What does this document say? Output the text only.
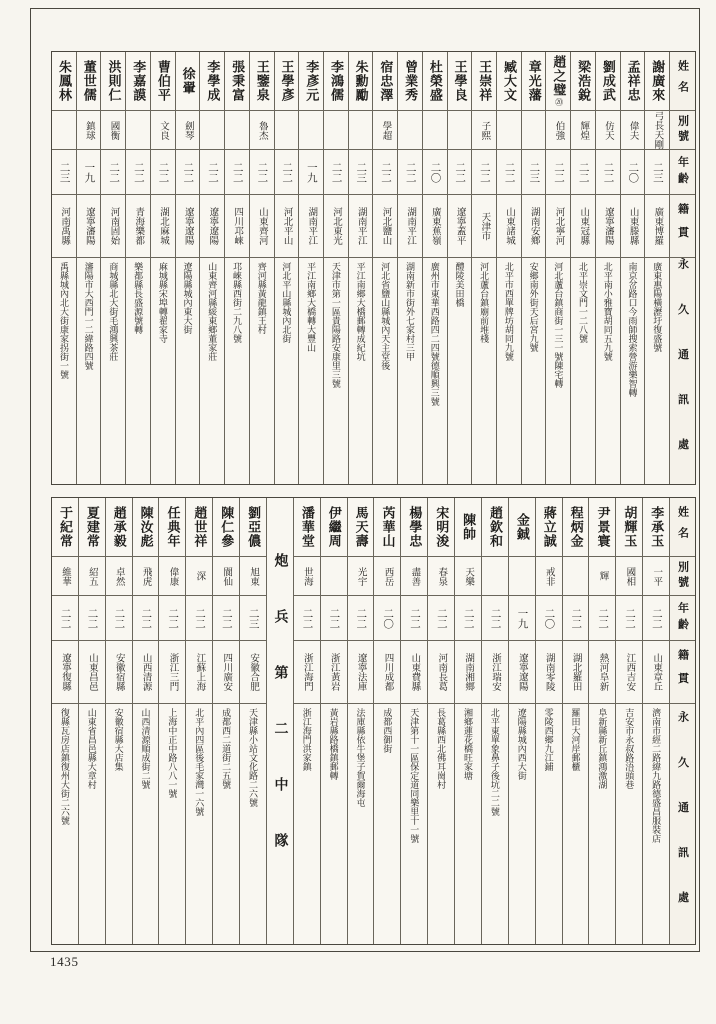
姓名
別號
年齡
籍貫
永久通訊處
謝廣來
弓長天剛
二三
廣東博羅
廣東惠陽橫瀝圩復盛號
孟祥忠
偉夫
二〇
山東滕縣
南京岔路口今雨師搜索營游樂智轉
劉成武
仿天
二二
遼寧瀋陽
北平南小雅寶胡同五九號
梁浩銳
輝煌
二二
山東冠縣
北平崇文門一二八號
趙之璧
⑳
伯強
二二
河北寧河
河北蘆台鎮商街一三一號陳宅轉
章光藩
二三
湖南安鄉
安鄉南外街天后宮九號
臧大文
二二
山東諸城
北平市西單牌坊胡同九號
王崇祥
子熙
二二
天津市
河北蘆台鎮廟前堆棧
王學良
二二
遼寧蓋平
醴陵美田橋
杜榮盛
二〇
廣東蕉嶺
廣州市東華西路四二四號德順興三號
曾業秀
二二
湖南平江
湖南新市街外七家村三甲
宿忠澤
學超
二二
河北鹽山
河北省鹽山縣城內天主堂後
朱勳勵
二三
湖南平江
平江南鄉大橋郵轉成紀坑
李鴻儒
二二
河北東光
天津市第一區貴陽路安康里三號
李彥元
一九
湖南平江
平江南鄉大橋轉大豐山
王學彥
二二
河北平山
河北平山縣城內北街
王鑒泉
魯杰
二二
山東齊河
齊河縣黃龍鎮王村
張秉富
二二
四川邛崍
邛崍縣西街二九八號
李學成
二二
遼寧遼陽
山東齊河縣綏東鄉董家莊
徐翬
劍琴
二二
遼寧遼陽
遼陽縣城內東大街
曹伯平
文良
二二
湖北麻城
麻城縣宋埠轉翟家寺
李嘉謨
二二
青海樂都
樂都縣長盛源號轉
洪則仁
國衡
二二
河南固始
商城縣北大街毛鴻興茶莊
董世儒
鎮球
一九
遼寧瀋陽
瀋陽市大西門一二緯路四號
朱鳳林
二三
河南禹縣
禹縣城內北大街康家拐街一號
姓名
別號
年齡
籍貫
永久通訊處
李承玉
一平
二二
山東章丘
濟南市經二路緯九路德盛昌服裝店
胡輝玉
國相
二二
江西吉安
吉安市永叔路浯頭巷
尹景寰
輝
二二
熱河阜新
阜新縣新丘鎮鴻激湖
程炳金
二二
湖北羅田
羅田大河岸郵櫃
蔣立誠
戒非
二〇
湖南零陵
零陵西鄉九江鋪
金鋮
一九
遼寧遼陽
遼陽縣城內西大街
趙欽和
二二
浙江瑞安
北平東單象鼻子後坑二二號
陳帥
天樂
二二
湖南湘鄉
湘鄉蓮花橋旺家塘
宋明浚
春泉
二二
河南長葛
長葛縣西北佛耳崗村
楊學忠
盡善
二二
山東費縣
天津第十一區保定道同樂里十一號
芮華山
西岳
二〇
四川成都
成都西御街
馬天壽
光宇
二二
遼寧法庫
法庫縣依牛堡子賀爾海屯
伊繼周
二二
浙江黃岩
黃岩縣路橋鎮郵轉
潘華堂
世海
二二
浙江海門
浙江海門洪家鎮
炮兵第二中隊
劉亞儂
旭東
二三
安徽合肥
天津縣小站文化路二六號
陳仁參
閬仙
二二
四川廣安
成都西二道街二五號
趙世祥
深
二二
江蘇上海
北平內四區後毛家灣一六號
任典年
偉康
二二
浙江三門
上海中正中路八八一號
陳汝彪
飛虎
二二
山西清源
山西清源順成街二號
趙承毅
卓然
二二
安徽宿縣
安徽宿縣大店集
夏建常
紹五
二二
山東昌邑
山東省昌邑縣大章村
于紀常
維華
二二
遼寧復縣
復縣瓦房店鎮復州大街二六號
1435
